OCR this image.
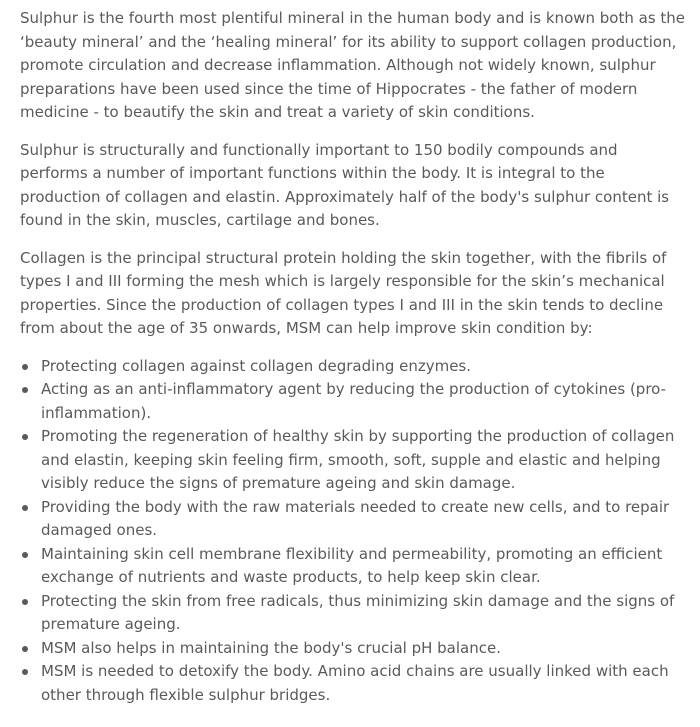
Sulphur is the fourth most plentiful mineral in the human body and is known both as the ‘beauty mineral’ and the ‘healing mineral’ for its ability to support collagen production, promote circulation and decrease inflammation. Although not widely known, sulphur preparations have been used since the time of Hippocrates - the father of modern medicine - to beautify the skin and treat a variety of skin conditions.

Sulphur is structurally and functionally important to 150 bodily compounds and performs a number of important functions within the body. It is integral to the production of collagen and elastin. Approximately half of the body's sulphur content is found in the skin, muscles, cartilage and bones.

Collagen is the principal structural protein holding the skin together, with the fibrils of types I and III forming the mesh which is largely responsible for the skin’s mechanical properties. Since the production of collagen types I and III in the skin tends to decline from about the age of 35 onwards, MSM can help improve skin condition by:

Protecting collagen against collagen degrading enzymes.
Acting as an anti-inflammatory agent by reducing the production of cytokines (pro-inflammation).
Promoting the regeneration of healthy skin by supporting the production of collagen and elastin, keeping skin feeling firm, smooth, soft, supple and elastic and helping visibly reduce the signs of premature ageing and skin damage.
Providing the body with the raw materials needed to create new cells, and to repair damaged ones.
Maintaining skin cell membrane flexibility and permeability, promoting an efficient exchange of nutrients and waste products, to help keep skin clear.
Protecting the skin from free radicals, thus minimizing skin damage and the signs of premature ageing.
MSM also helps in maintaining the body's crucial pH balance.
MSM is needed to detoxify the body. Amino acid chains are usually linked with each other through flexible sulphur bridges.
